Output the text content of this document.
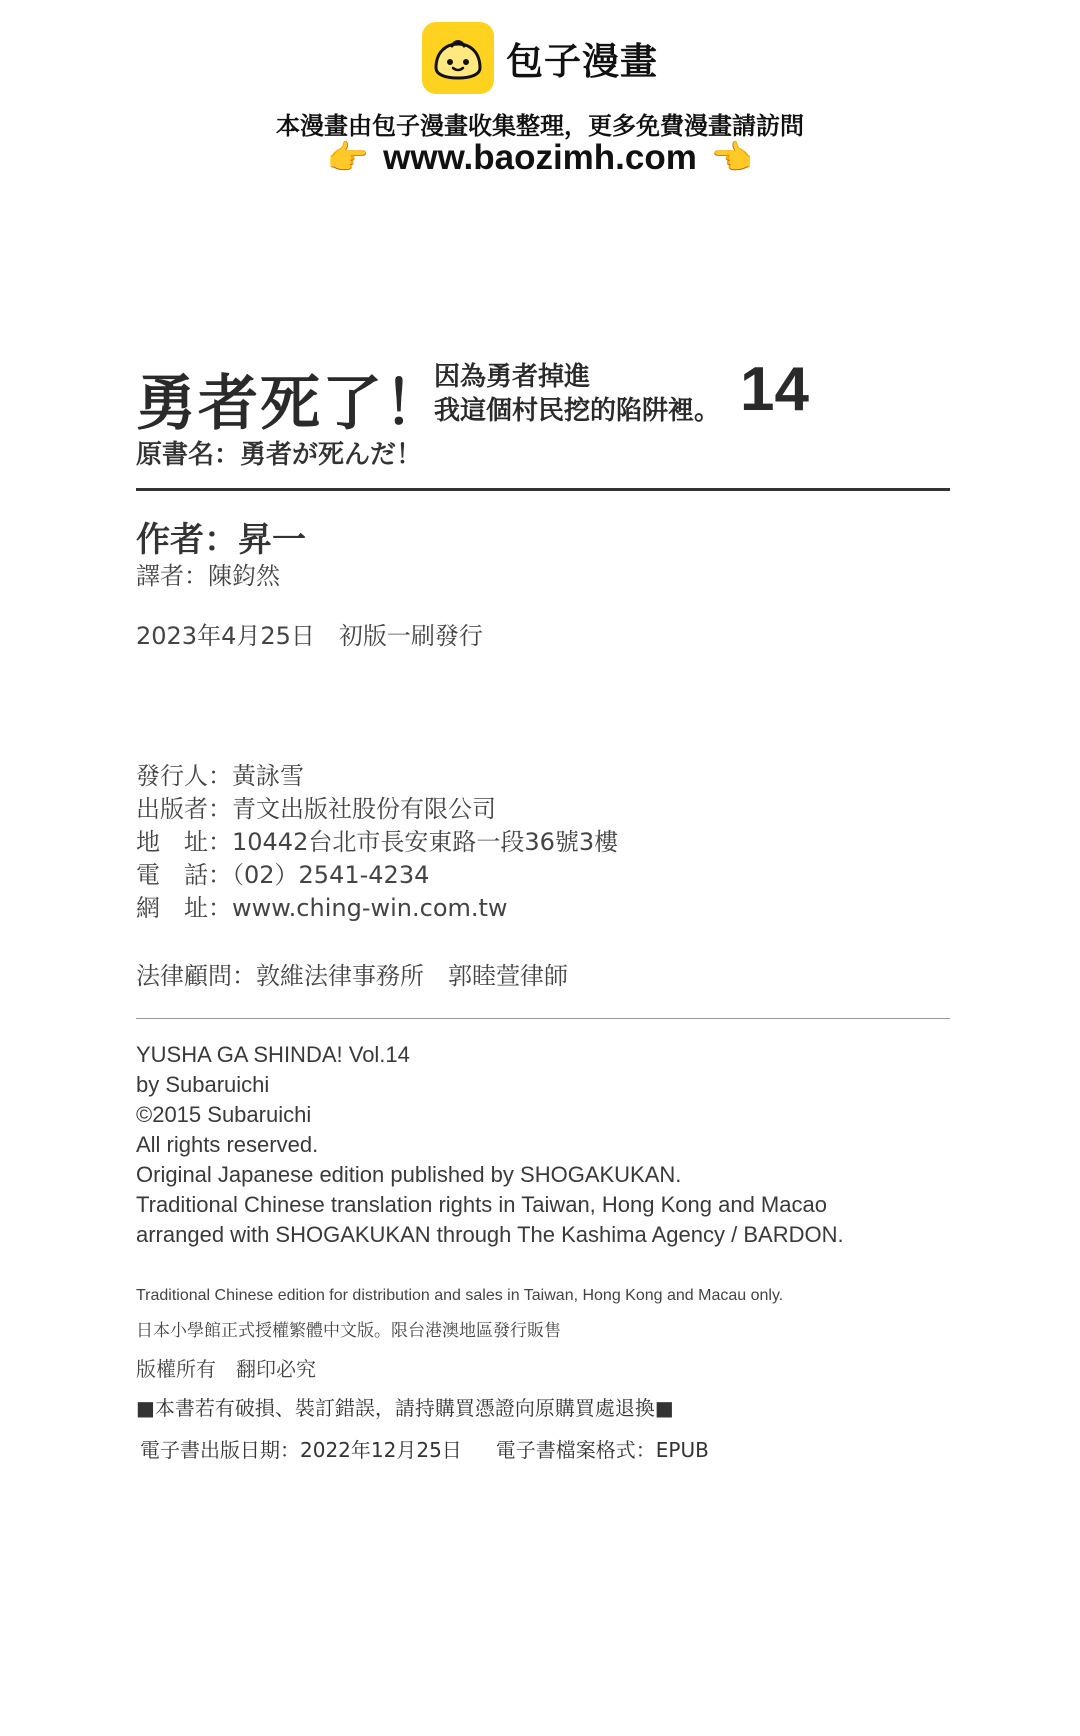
包子漫畫
本漫畫由包子漫畫收集整理，更多免費漫畫請訪問
👉 www.baozimh.com 👈
勇者死了！
因為勇者掉進
我這個村民挖的陷阱裡。 14
原書名：勇者が死んだ！
作者：昇一
譯者：陳鈞然
2023年4月25日　初版一刷發行
發行人：黃詠雪
出版者：青文出版社股份有限公司
地　址：10442台北市長安東路一段36號3樓
電　話：（02）2541-4234
網　址：www.ching-win.com.tw
法律顧問：敦維法律事務所　郭睦萱律師
YUSHA GA SHINDA! Vol.14
by Subaruichi
©2015 Subaruichi
All rights reserved.
Original Japanese edition published by SHOGAKUKAN.
Traditional Chinese translation rights in Taiwan, Hong Kong and Macao
arranged with SHOGAKUKAN through The Kashima Agency / BARDON.
Traditional Chinese edition for distribution and sales in Taiwan, Hong Kong and Macau only.
日本小學館正式授權繁體中文版。限台港澳地區發行販售
版權所有　翻印必究
■本書若有破損、裝訂錯誤，請持購買憑證向原購買處退換■
電子書出版日期：2022年12月25日 電子書檔案格式：EPUB
